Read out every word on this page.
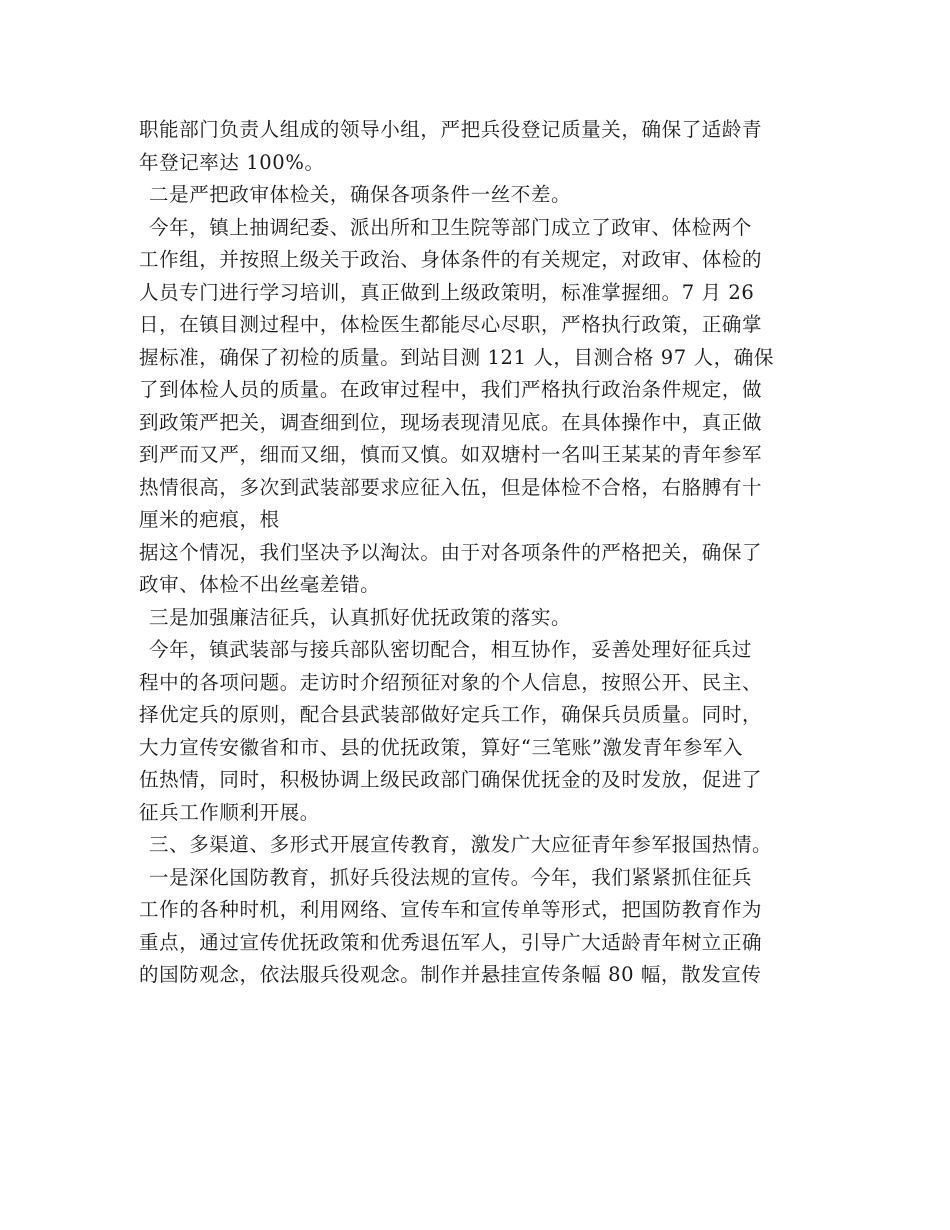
职能部门负责人组成的领导小组，严把兵役登记质量关，确保了适龄青
年登记率达 100%。
二是严把政审体检关，确保各项条件一丝不差。
今年，镇上抽调纪委、派出所和卫生院等部门成立了政审、体检两个
工作组，并按照上级关于政治、身体条件的有关规定，对政审、体检的
人员专门进行学习培训，真正做到上级政策明，标准掌握细。7 月 26
日，在镇目测过程中，体检医生都能尽心尽职，严格执行政策，正确掌
握标准，确保了初检的质量。到站目测 121 人，目测合格 97 人，确保
了到体检人员的质量。在政审过程中，我们严格执行政治条件规定，做
到政策严把关，调查细到位，现场表现清见底。在具体操作中，真正做
到严而又严，细而又细，慎而又慎。如双塘村一名叫王某某的青年参军
热情很高，多次到武装部要求应征入伍，但是体检不合格，右胳膊有十
厘米的疤痕，根
据这个情况，我们坚决予以淘汰。由于对各项条件的严格把关，确保了
政审、体检不出丝毫差错。
三是加强廉洁征兵，认真抓好优抚政策的落实。
今年，镇武装部与接兵部队密切配合，相互协作，妥善处理好征兵过
程中的各项问题。走访时介绍预征对象的个人信息，按照公开、民主、
择优定兵的原则，配合县武装部做好定兵工作，确保兵员质量。同时，
大力宣传安徽省和市、县的优抚政策，算好“三笔账”激发青年参军入
伍热情，同时，积极协调上级民政部门确保优抚金的及时发放，促进了
征兵工作顺利开展。
三、多渠道、多形式开展宣传教育，激发广大应征青年参军报国热情。
一是深化国防教育，抓好兵役法规的宣传。今年，我们紧紧抓住征兵
工作的各种时机，利用网络、宣传车和宣传单等形式，把国防教育作为
重点，通过宣传优抚政策和优秀退伍军人，引导广大适龄青年树立正确
的国防观念，依法服兵役观念。制作并悬挂宣传条幅 80 幅，散发宣传
